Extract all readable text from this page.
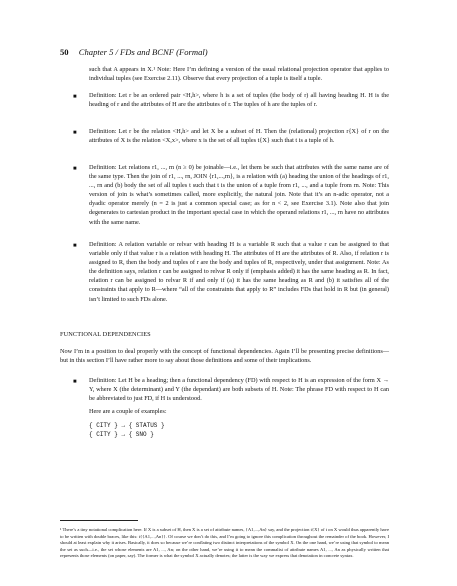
50 Chapter 5 / FDs and BCNF (Formal)
such that A appears in X.¹ Note: Here I’m defining a version of the usual relational projection operator that applies to individual tuples (see Exercise 2.11). Observe that every projection of a tuple is itself a tuple.
■ Definition: Let r be an ordered pair <H,h>, where h is a set of tuples (the body of r) all having heading H. H is the heading of r and the attributes of H are the attributes of r. The tuples of h are the tuples of r.
■ Definition: Let r be the relation <H,h> and let X be a subset of H. Then the (relational) projection r{X} of r on the attributes of X is the relation <X,x>, where x is the set of all tuples t{X} such that t is a tuple of h.
■ Definition: Let relations r1, ..., rn (n ≥ 0) be joinable—i.e., let them be such that attributes with the same name are of the same type. Then the join of r1, ..., rn, JOIN {r1,...,rn}, is a relation with (a) heading the union of the headings of r1, ..., rn and (b) body the set of all tuples t such that t is the union of a tuple from r1, ..., and a tuple from rn. Note: This version of join is what’s sometimes called, more explicitly, the natural join. Note that it’s an n-adic operator, not a dyadic operator merely (n = 2 is just a common special case; as for n < 2, see Exercise 3.1). Note also that join degenerates to cartesian product in the important special case in which the operand relations r1, ..., rn have no attributes with the same name.
■ Definition: A relation variable or relvar with heading H is a variable R such that a value r can be assigned to that variable only if that value r is a relation with heading H. The attributes of H are the attributes of R. Also, if relation r is assigned to R, then the body and tuples of r are the body and tuples of R, respectively, under that assignment. Note: As the definition says, relation r can be assigned to relvar R only if (emphasis added) it has the same heading as R. In fact, relation r can be assigned to relvar R if and only if (a) it has the same heading as R and (b) it satisfies all of the constraints that apply to R—where “all of the constraints that apply to R” includes FDs that hold in R but (in general) isn’t limited to such FDs alone.
FUNCTIONAL DEPENDENCIES
Now I’m in a position to deal properly with the concept of functional dependencies. Again I’ll be presenting precise definitions—but in this section I’ll have rather more to say about those definitions and some of their implications.
■ Definition: Let H be a heading; then a functional dependency (FD) with respect to H is an expression of the form X → Y, where X (the determinant) and Y (the dependant) are both subsets of H. Note: The phrase FD with respect to H can be abbreviated to just FD, if H is understood.
Here are a couple of examples:
{ CITY } → { STATUS }
{ CITY } → { SNO }
¹ There’s a tiny notational complication here. If X is a subset of H, then X is a set of attribute names, {A1,...,An} say, and the projection t{X} of t on X would thus apparently have to be written with double braces, like this: t{{A1,...,An}}. Of course we don’t do this, and I’m going to ignore this complication throughout the remainder of the book. However, I should at least explain why it arises. Basically, it does so because we’re conflating two distinct interpretations of the symbol X. On the one hand, we’re using that symbol to mean the set as such—i.e., the set whose elements are A1, ..., An; on the other hand, we’re using it to mean the commalist of attribute names A1, ..., An as physically written that represents those elements (on paper, say). The former is what the symbol X actually denotes; the latter is the way we express that denotation in concrete syntax.
